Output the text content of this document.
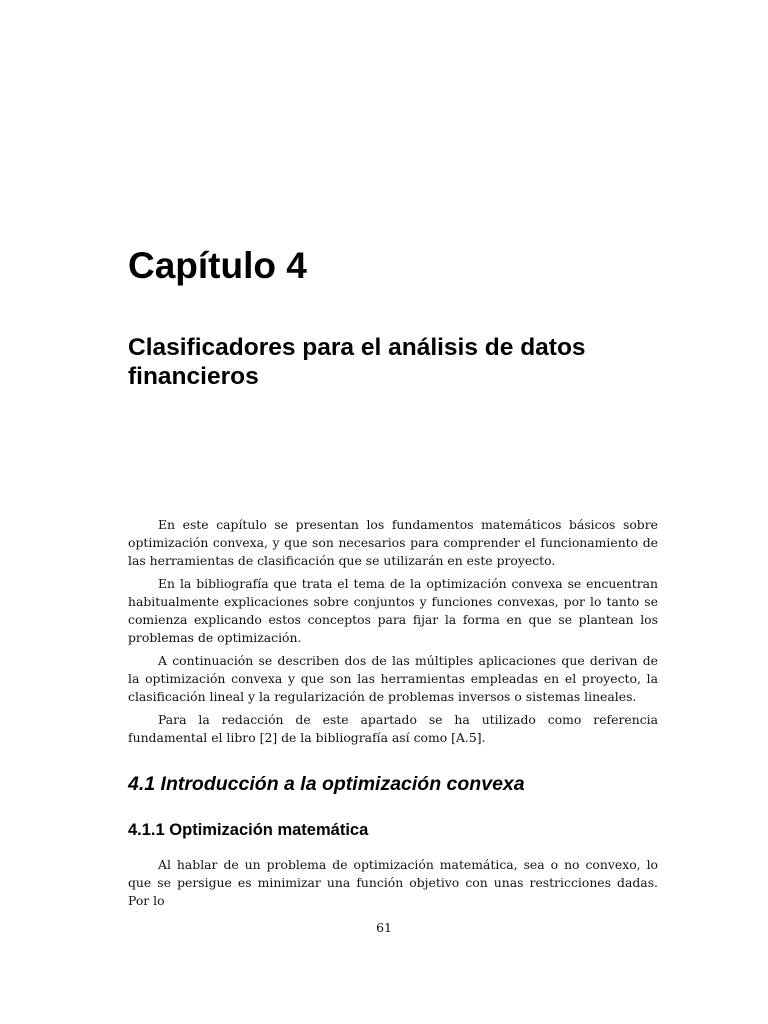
Capítulo 4
Clasificadores para el análisis de datos financieros

En este capítulo se presentan los fundamentos matemáticos básicos sobre optimización convexa, y que son necesarios para comprender el funcionamiento de las herramientas de clasificación que se utilizarán en este proyecto.

En la bibliografía que trata el tema de la optimización convexa se encuentran habitualmente explicaciones sobre conjuntos y funciones convexas, por lo tanto se comienza explicando estos conceptos para fijar la forma en que se plantean los problemas de optimización.

A continuación se describen dos de las múltiples aplicaciones que derivan de la optimización convexa y que son las herramientas empleadas en el proyecto, la clasificación lineal y la regularización de problemas inversos o sistemas lineales.

Para la redacción de este apartado se ha utilizado como referencia fundamental el libro [2] de la bibliografía así como [A.5].

4.1 Introducción a la optimización convexa
4.1.1 Optimización matemática

Al hablar de un problema de optimización matemática, sea o no convexo, lo que se persigue es minimizar una función objetivo con unas restricciones dadas. Por lo

61
